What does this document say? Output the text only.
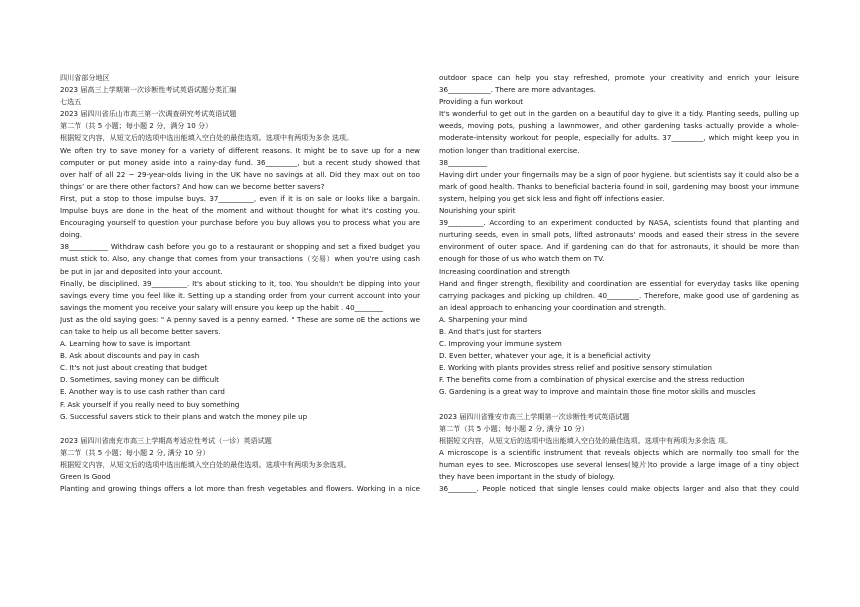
四川省部分地区
2023 届高三上学期第一次诊断性考试英语试题分类汇编
七选五
2023 届四川省乐山市高三第一次调查研究考试英语试题
第二节（共 5 小题；每小题 2 分，满分 10 分）
根据短文内容，从短文后的选项中选出能填入空白处的最佳选项。选项中有两项为多余 选项。
We often try to save money for a variety of different reasons. It might be to save up for a new
computer or put money aside into a rainy-day fund. 36_________, but a recent study showed that
over half of all 22 ~ 29-year-olds living in the UK have no savings at all. Did they max out on too
things’ or are there other factors? And how can we become better savers?
First, put a stop to those impulse buys. 37__________, even if it is on sale or looks like a bargain.
Impulse buys are done in the heat of the moment and without thought for what it's costing you.
Encouraging yourself to question your purchase before you buy allows you to process what you are
doing.
38___________ Withdraw cash before you go to a restaurant or shopping and set a fixed budget you
must stick to. Also, any change that comes from your transactions（交易）when you're using cash
be put in jar and deposited into your account.
Finally, be disciplined. 39__________. It's about sticking to it, too. You shouldn't be dipping into your
savings every time you feel like it. Setting up a standing order from your current account into your
savings the moment you receive your salary will ensure you keep up the habit . 40________
Just as the old saying goes: " A penny saved is a penny earned. " These are some oE the actions we
can take to help us all become better savers.
A. Learning how to save is important
B. Ask about discounts and pay in cash
C. It's not just about creating that budget
D. Sometimes, saving money can be difficult
E. Another way is to use cash rather than card
F. Ask yourself if you really need to buy something
G. Successful savers stick to their plans and watch the money pile up
2023 届四川省南充市高三上学期高考适应性考试（一诊）英语试题
第二节（共 5 小题；每小题 2 分, 满分 10 分）
根据短文内容，从短文后的选项中选出能填入空白处的最佳选项。选项中有两项为多余选项。
Green Is Good
Planting and growing things offers a lot more than fresh vegetables and flowers. Working in a nice
outdoor space can help you stay refreshed, promote your creativity and enrich your leisure
36____________. There are more advantages.
Providing a fun workout
It's wonderful to get out in the garden on a beautiful day to give it a tidy. Planting seeds, pulling up
weeds, moving pots, pushing a lawnmower, and other gardening tasks actually provide a whole-
moderate-intensity workout for people, especially for adults. 37_________, which might keep you in
motion longer than traditional exercise.
38___________
Having dirt under your fingernails may be a sign of poor hygiene. but scientists say it could also be a
mark of good health. Thanks to beneficial bacteria found in soil, gardening may boost your immune
system, helping you get sick less and fight off infections easier.
Nourishing your spirit
39__________. According to an experiment conducted by NASA, scientists found that planting and
nurturing seeds, even in small pots, lifted astronauts' moods and eased their stress in the severe
environment of outer space. And if gardening can do that for astronauts, it should be more than
enough for those of us who watch them on TV.
Increasing coordination and strength
Hand and finger strength, flexibility and coordination are essential for everyday tasks like opening
carrying packages and picking up children. 40_________. Therefore, make good use of gardening as
an ideal approach to enhancing your coordination and strength.
A. Sharpening your mind
B. And that's just for starters
C. Improving your immune system
D. Even better, whatever your age, it is a beneficial activity
E. Working with plants provides stress relief and positive sensory stimulation
F. The benefits come from a combination of physical exercise and the stress reduction
G. Gardening is a great way to improve and maintain those fine motor skills and muscles
2023 届四川省雅安市高三上学期第一次诊断性考试英语试题
第二节（共 5 小题；每小题 2 分, 满分 10 分）
根据短文内容，从短文后的选项中选出能填入空白处的最佳选项。选项中有两项为多余选 项。
A microscope is a scientific instrument that reveals objects which are normally too small for the
human eyes to see. Microscopes use several lenses(镜片)to provide a large image of a tiny object
they have been important in the study of biology.
36________. People noticed that single lenses could make objects larger and also that they could
